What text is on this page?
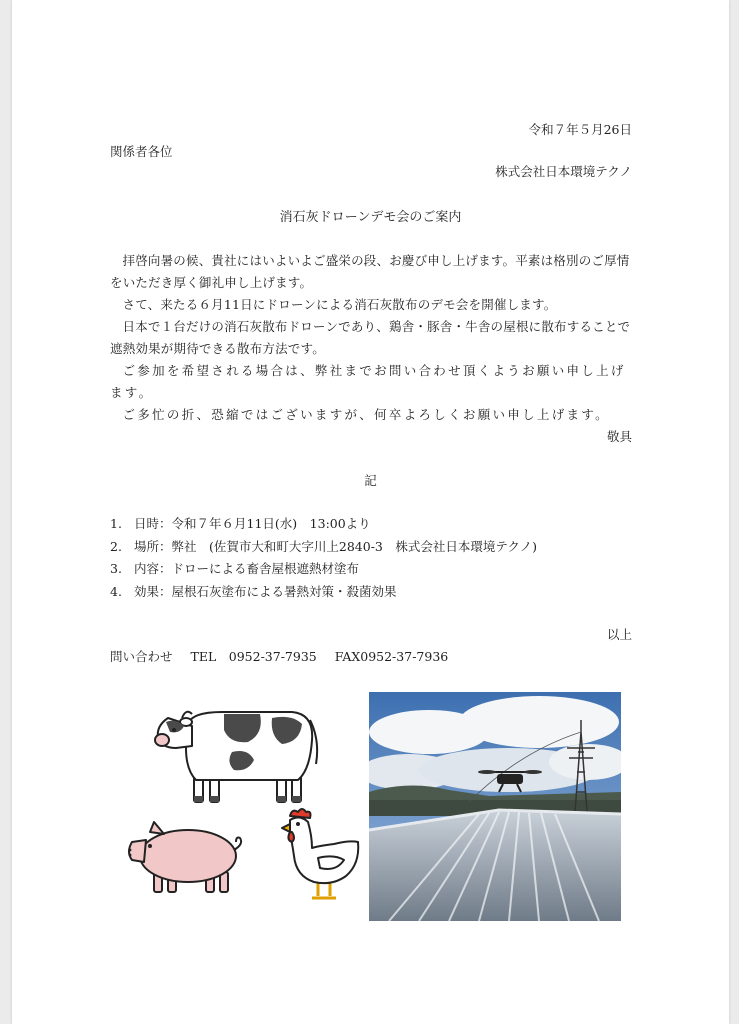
令和７年５月26日
関係者各位
株式会社日本環境テクノ
消石灰ドローンデモ会のご案内

拝啓向暑の候、貴社にはいよいよご盛栄の段、お慶び申し上げます。平素は格別のご厚情をいただき厚く御礼申し上げます。

さて、来たる６月11日にドローンによる消石灰散布のデモ会を開催します。

日本で１台だけの消石灰散布ドローンであり、鶏舎・豚舎・牛舎の屋根に散布することで遮熱効果が期待できる散布方法です。

ご参加を希望される場合は、弊社までお問い合わせ頂くようお願い申し上げます。

ご多忙の折、恐縮ではございますが、何卒よろしくお願い申し上げます。

敬具
記
1. 日時：令和７年６月11日(水)　13:00より
2. 場所：弊社　(佐賀市大和町大字川上2840-3　株式会社日本環境テクノ)
3. 内容：ドローによる畜舎屋根遮熱材塗布
4. 効果：屋根石灰塗布による暑熱対策・殺菌効果
以上
問い合わせ TEL　0952-37-7935 FAX0952-37-7936
